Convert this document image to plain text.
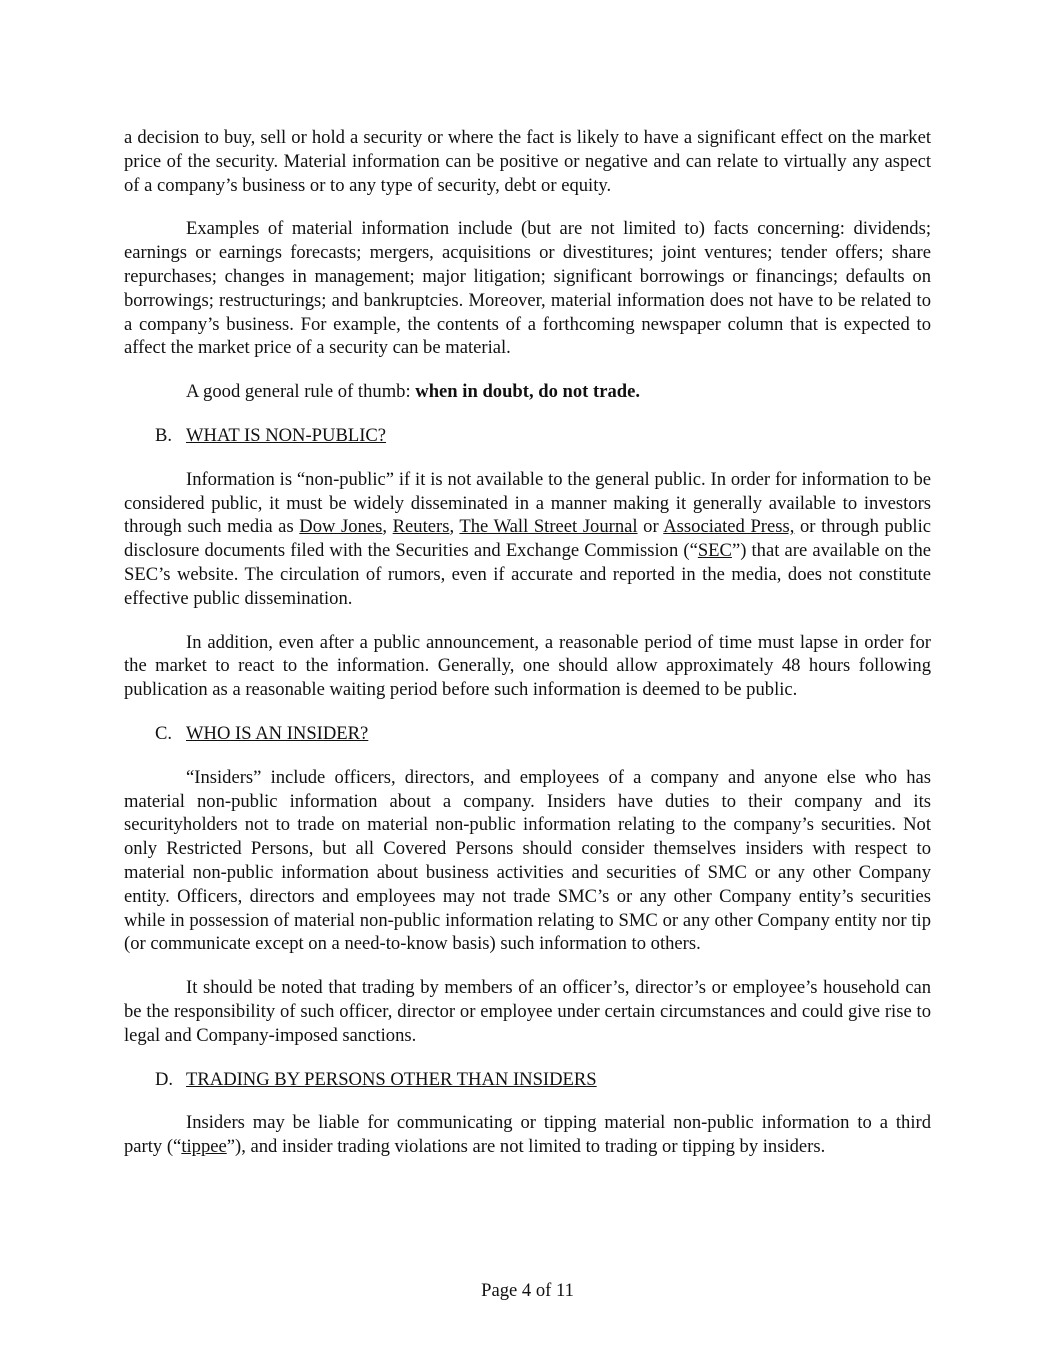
a decision to buy, sell or hold a security or where the fact is likely to have a significant effect on the market price of the security. Material information can be positive or negative and can relate to virtually any aspect of a company’s business or to any type of security, debt or equity.

Examples of material information include (but are not limited to) facts concerning: dividends; earnings or earnings forecasts; mergers, acquisitions or divestitures; joint ventures; tender offers; share repurchases; changes in management; major litigation; significant borrowings or financings; defaults on borrowings; restructurings; and bankruptcies. Moreover, material information does not have to be related to a company’s business. For example, the contents of a forthcoming newspaper column that is expected to affect the market price of a security can be material.

A good general rule of thumb: when in doubt, do not trade.

B. WHAT IS NON-PUBLIC?

Information is “non-public” if it is not available to the general public. In order for information to be considered public, it must be widely disseminated in a manner making it generally available to investors through such media as Dow Jones, Reuters, The Wall Street Journal or Associated Press, or through public disclosure documents filed with the Securities and Exchange Commission (“SEC”) that are available on the SEC’s website. The circulation of rumors, even if accurate and reported in the media, does not constitute effective public dissemination.

In addition, even after a public announcement, a reasonable period of time must lapse in order for the market to react to the information. Generally, one should allow approximately 48 hours following publication as a reasonable waiting period before such information is deemed to be public.

C. WHO IS AN INSIDER?

“Insiders” include officers, directors, and employees of a company and anyone else who has material non-public information about a company. Insiders have duties to their company and its securityholders not to trade on material non-public information relating to the company’s securities. Not only Restricted Persons, but all Covered Persons should consider themselves insiders with respect to material non-public information about business activities and securities of SMC or any other Company entity. Officers, directors and employees may not trade SMC’s or any other Company entity’s securities while in possession of material non-public information relating to SMC or any other Company entity nor tip (or communicate except on a need-to-know basis) such information to others.

It should be noted that trading by members of an officer’s, director’s or employee’s household can be the responsibility of such officer, director or employee under certain circumstances and could give rise to legal and Company-imposed sanctions.

D. TRADING BY PERSONS OTHER THAN INSIDERS

Insiders may be liable for communicating or tipping material non-public information to a third party (“tippee”), and insider trading violations are not limited to trading or tipping by insiders.

Page 4 of 11
